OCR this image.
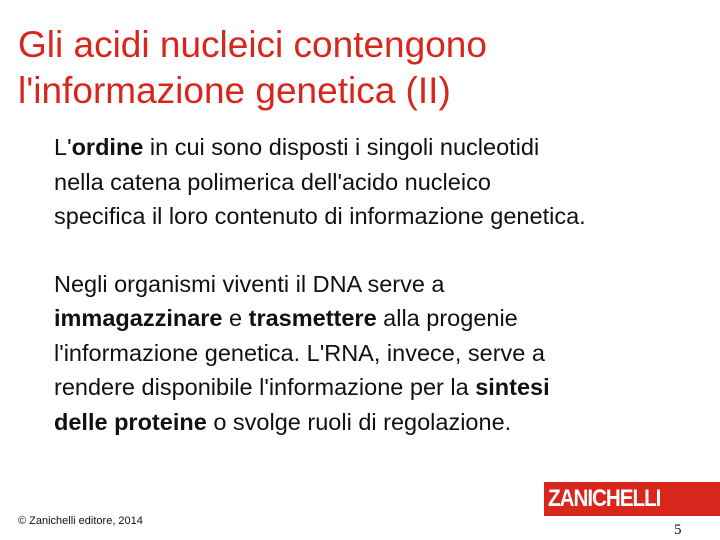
Gli acidi nucleici contengono
l'informazione genetica (II)

L'ordine in cui sono disposti i singoli nucleotidi
nella catena polimerica dell'acido nucleico
specifica il loro contenuto di informazione genetica.

Negli organismi viventi il DNA serve a
immagazzinare e trasmettere alla progenie
l'informazione genetica. L'RNA, invece, serve a
rendere disponibile l'informazione per la sintesi
delle proteine o svolge ruoli di regolazione.

© Zanichelli editore, 2014
ZANICHELLI
5
